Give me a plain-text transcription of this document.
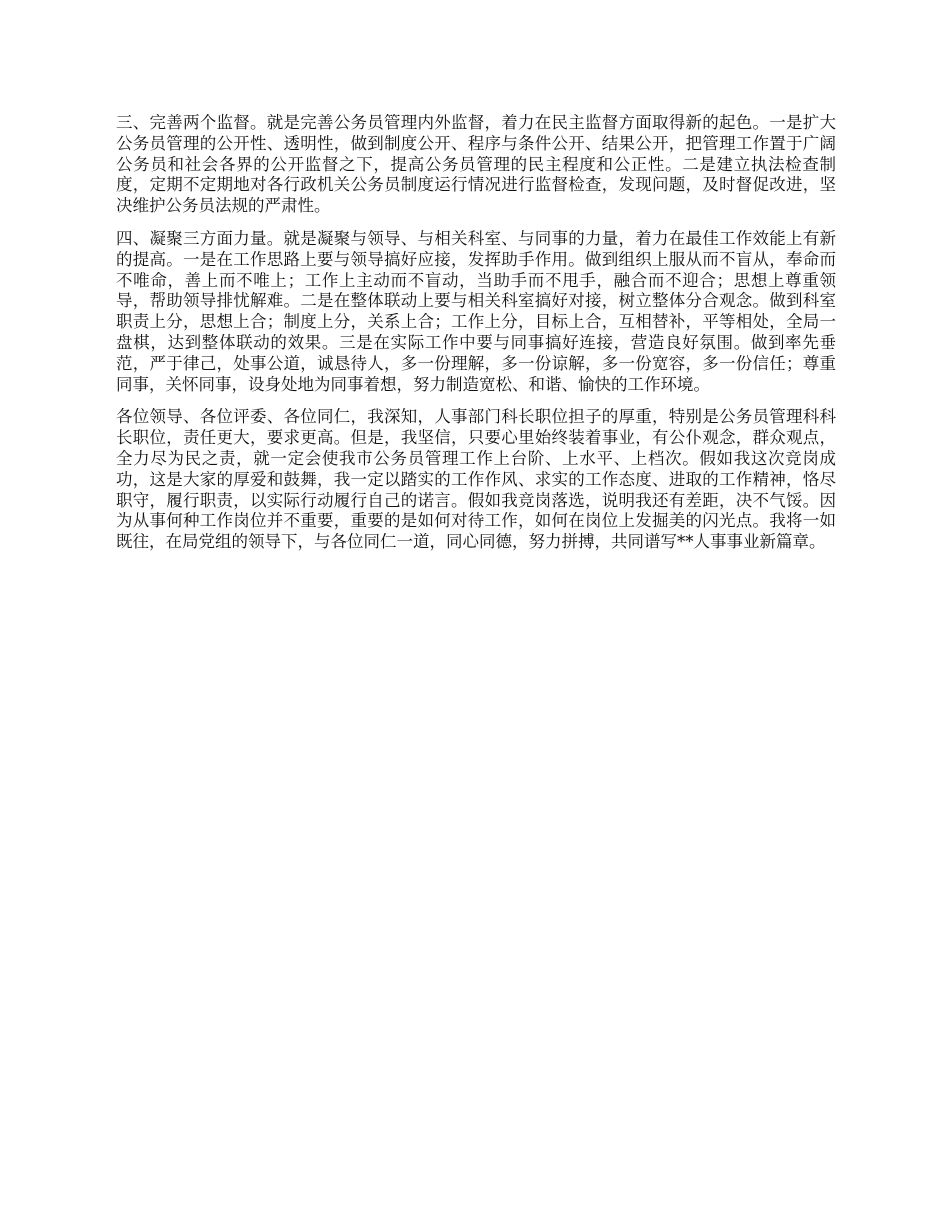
三、完善两个监督。就是完善公务员管理内外监督，着力在民主监督方面取得新的起色。一是扩大公务员管理的公开性、透明性，做到制度公开、程序与条件公开、结果公开，把管理工作置于广阔公务员和社会各界的公开监督之下，提高公务员管理的民主程度和公正性。二是建立执法检查制度，定期不定期地对各行政机关公务员制度运行情况进行监督检查，发现问题，及时督促改进，坚决维护公务员法规的严肃性。

四、凝聚三方面力量。就是凝聚与领导、与相关科室、与同事的力量，着力在最佳工作效能上有新的提高。一是在工作思路上要与领导搞好应接，发挥助手作用。做到组织上服从而不盲从，奉命而不唯命，善上而不唯上；工作上主动而不盲动，当助手而不甩手，融合而不迎合；思想上尊重领导，帮助领导排忧解难。二是在整体联动上要与相关科室搞好对接，树立整体分合观念。做到科室职责上分，思想上合；制度上分，关系上合；工作上分，目标上合，互相替补，平等相处，全局一盘棋，达到整体联动的效果。三是在实际工作中要与同事搞好连接，营造良好氛围。做到率先垂范，严于律己，处事公道，诚恳待人，多一份理解，多一份谅解，多一份宽容，多一份信任；尊重同事，关怀同事，设身处地为同事着想，努力制造宽松、和谐、愉快的工作环境。

各位领导、各位评委、各位同仁，我深知，人事部门科长职位担子的厚重，特别是公务员管理科科长职位，责任更大，要求更高。但是，我坚信，只要心里始终装着事业，有公仆观念，群众观点，全力尽为民之责，就一定会使我市公务员管理工作上台阶、上水平、上档次。假如我这次竞岗成功，这是大家的厚爱和鼓舞，我一定以踏实的工作作风、求实的工作态度、进取的工作精神，恪尽职守，履行职责，以实际行动履行自己的诺言。假如我竞岗落选，说明我还有差距，决不气馁。因为从事何种工作岗位并不重要，重要的是如何对待工作，如何在岗位上发掘美的闪光点。我将一如既往，在局党组的领导下，与各位同仁一道，同心同德，努力拼搏，共同谱写**人事事业新篇章。
